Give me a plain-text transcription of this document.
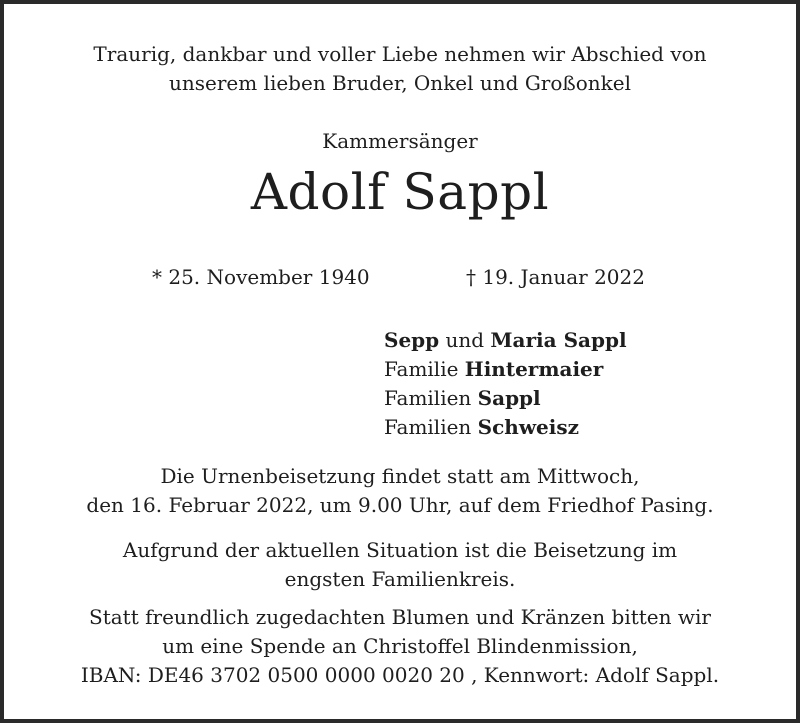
Traurig, dankbar und voller Liebe nehmen wir Abschied von
unserem lieben Bruder, Onkel und Großonkel
Kammersänger
Adolf Sappl
* 25. November 1940	† 19. Januar 2022
Sepp und Maria Sappl
Familie Hintermaier
Familien Sappl
Familien Schweisz
Die Urnenbeisetzung findet statt am Mittwoch,
den 16. Februar 2022, um 9.00 Uhr, auf dem Friedhof Pasing.
Aufgrund der aktuellen Situation ist die Beisetzung im
engsten Familienkreis.
Statt freundlich zugedachten Blumen und Kränzen bitten wir
um eine Spende an Christoffel Blindenmission,
IBAN: DE46 3702 0500 0000 0020 20 , Kennwort: Adolf Sappl.
